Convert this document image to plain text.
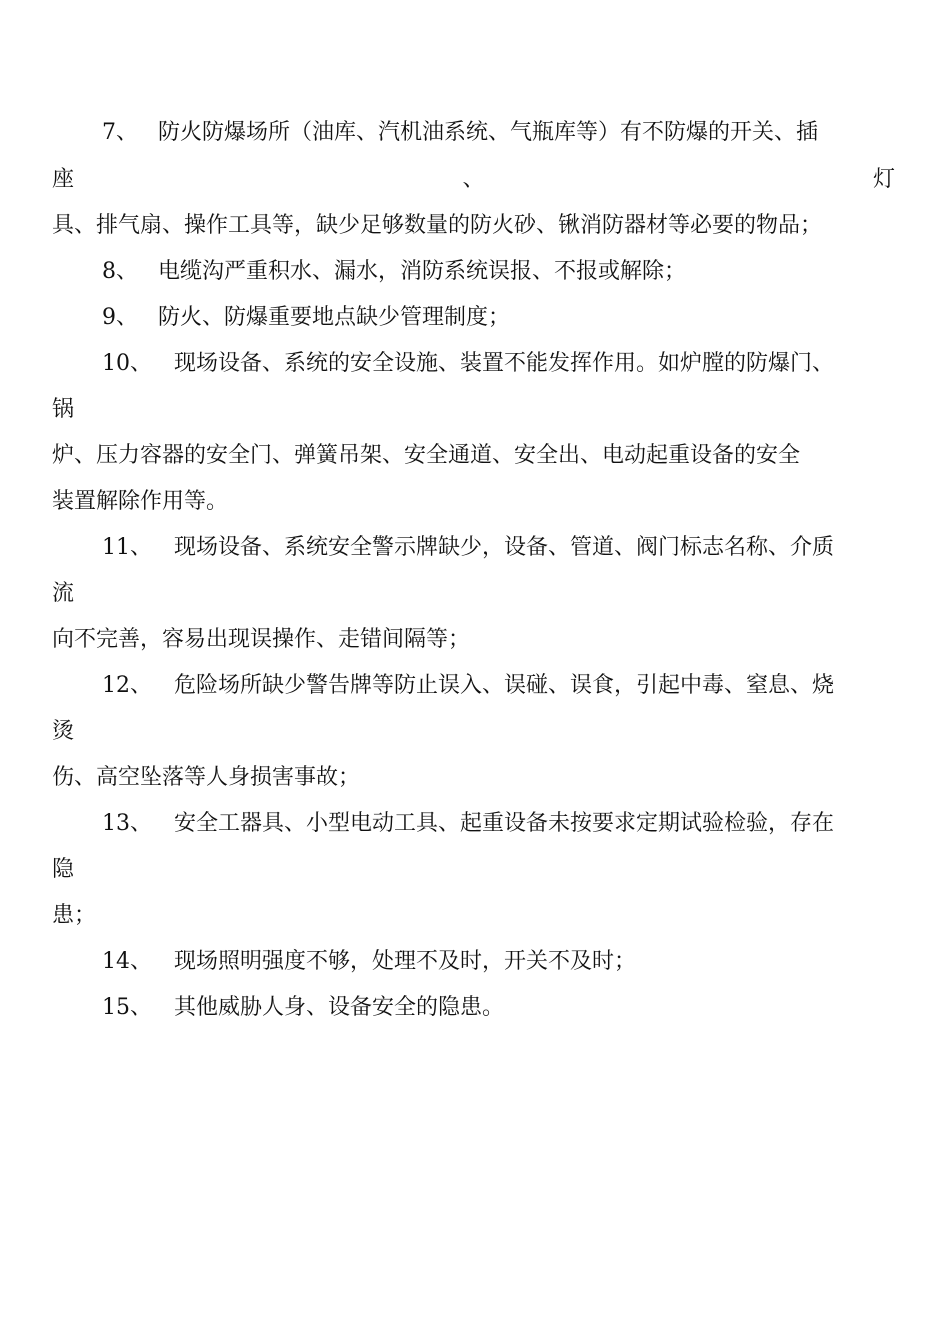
7、 防火防爆场所（油库、汽机油系统、气瓶库等）有不防爆的开关、插
座	、	灯
具、排气扇、操作工具等，缺少足够数量的防火砂、锹消防器材等必要的物品；
8、 电缆沟严重积水、漏水，消防系统误报、不报或解除；
9、 防火、防爆重要地点缺少管理制度；
10、 现场设备、系统的安全设施、装置不能发挥作用。如炉膛的防爆门、
锅
炉、压力容器的安全门、弹簧吊架、安全通道、安全出、电动起重设备的安全
装置解除作用等。
11、 现场设备、系统安全警示牌缺少，设备、管道、阀门标志名称、介质
流
向不完善，容易出现误操作、走错间隔等；
12、 危险场所缺少警告牌等防止误入、误碰、误食，引起中毒、窒息、烧
烫
伤、高空坠落等人身损害事故；
13、 安全工器具、小型电动工具、起重设备未按要求定期试验检验，存在
隐
患；
14、 现场照明强度不够，处理不及时，开关不及时；
15、 其他威胁人身、设备安全的隐患。
